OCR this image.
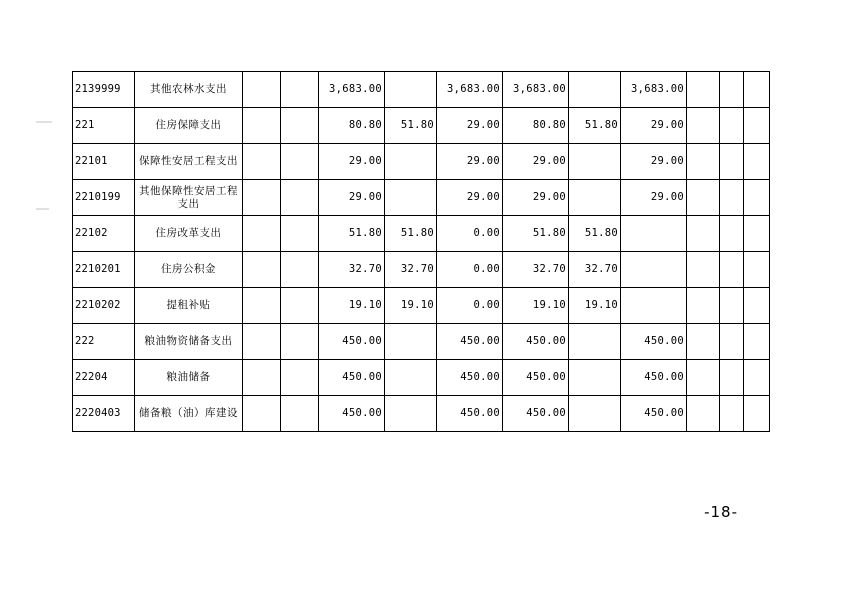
2139999	其他农林水支出			3,683.00		3,683.00	3,683.00		3,683.00			
221	住房保障支出			80.80	51.80	29.00	80.80	51.80	29.00			
22101	保障性安居工程支出			29.00		29.00	29.00		29.00			
2210199	其他保障性安居工程支出			29.00		29.00	29.00		29.00			
22102	住房改革支出			51.80	51.80	0.00	51.80	51.80				
2210201	住房公积金			32.70	32.70	0.00	32.70	32.70				
2210202	提租补贴			19.10	19.10	0.00	19.10	19.10				
222	粮油物资储备支出			450.00		450.00	450.00		450.00			
22204	粮油储备			450.00		450.00	450.00		450.00			
2220403	储备粮（油）库建设			450.00		450.00	450.00		450.00			
-18-
